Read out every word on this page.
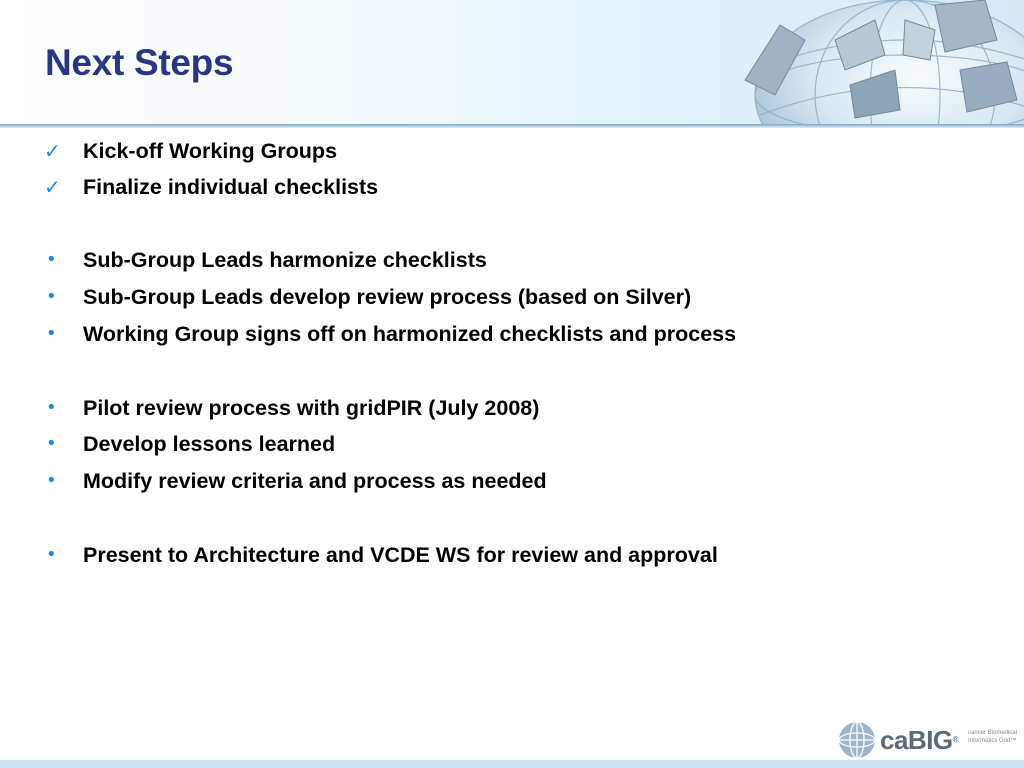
Next Steps
✓	Kick-off Working Groups
✓	Finalize individual checklists
•	Sub-Group Leads harmonize checklists
•	Sub-Group Leads develop review process (based on Silver)
•	Working Group signs off on harmonized checklists and process
•	Pilot review process with gridPIR (July 2008)
•	Develop lessons learned
•	Modify review criteria and process as needed
•	Present to Architecture and VCDE WS for review and approval
caBIG®
cancer Biomedical Informatics Grid™
